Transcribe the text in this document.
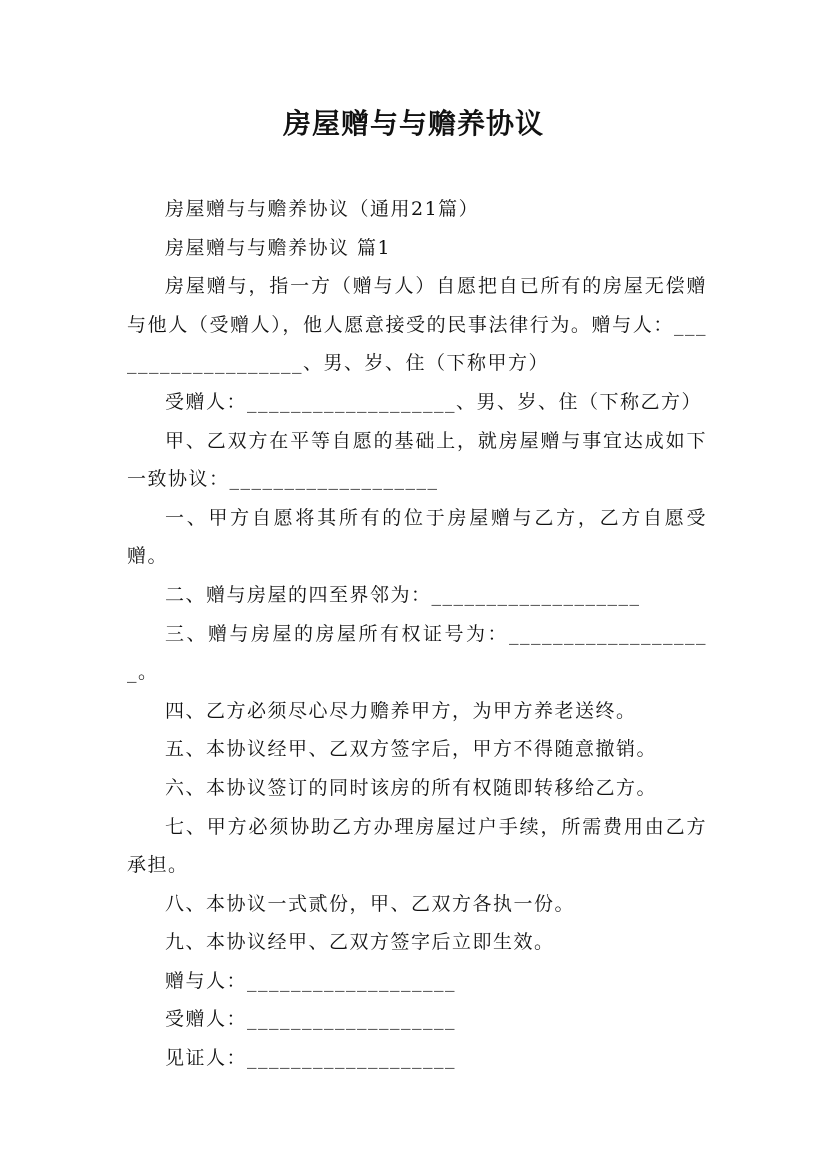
房屋赠与与赡养协议

房屋赠与与赡养协议（通用21篇）

房屋赠与与赡养协议 篇1

房屋赠与，指一方（赠与人）自愿把自已所有的房屋无偿赠与他人（受赠人），他人愿意接受的民事法律行为。赠与人：___________________、男、岁、住（下称甲方）

受赠人：___________________、男、岁、住（下称乙方）

甲、乙双方在平等自愿的基础上，就房屋赠与事宜达成如下一致协议：___________________

一、甲方自愿将其所有的位于房屋赠与乙方，乙方自愿受赠。

二、赠与房屋的四至界邻为：___________________

三、赠与房屋的房屋所有权证号为：___________________。

四、乙方必须尽心尽力赡养甲方，为甲方养老送终。

五、本协议经甲、乙双方签字后，甲方不得随意撤销。

六、本协议签订的同时该房的所有权随即转移给乙方。

七、甲方必须协助乙方办理房屋过户手续，所需费用由乙方承担。

八、本协议一式贰份，甲、乙双方各执一份。

九、本协议经甲、乙双方签字后立即生效。

赠与人：___________________

受赠人：___________________

见证人：___________________
